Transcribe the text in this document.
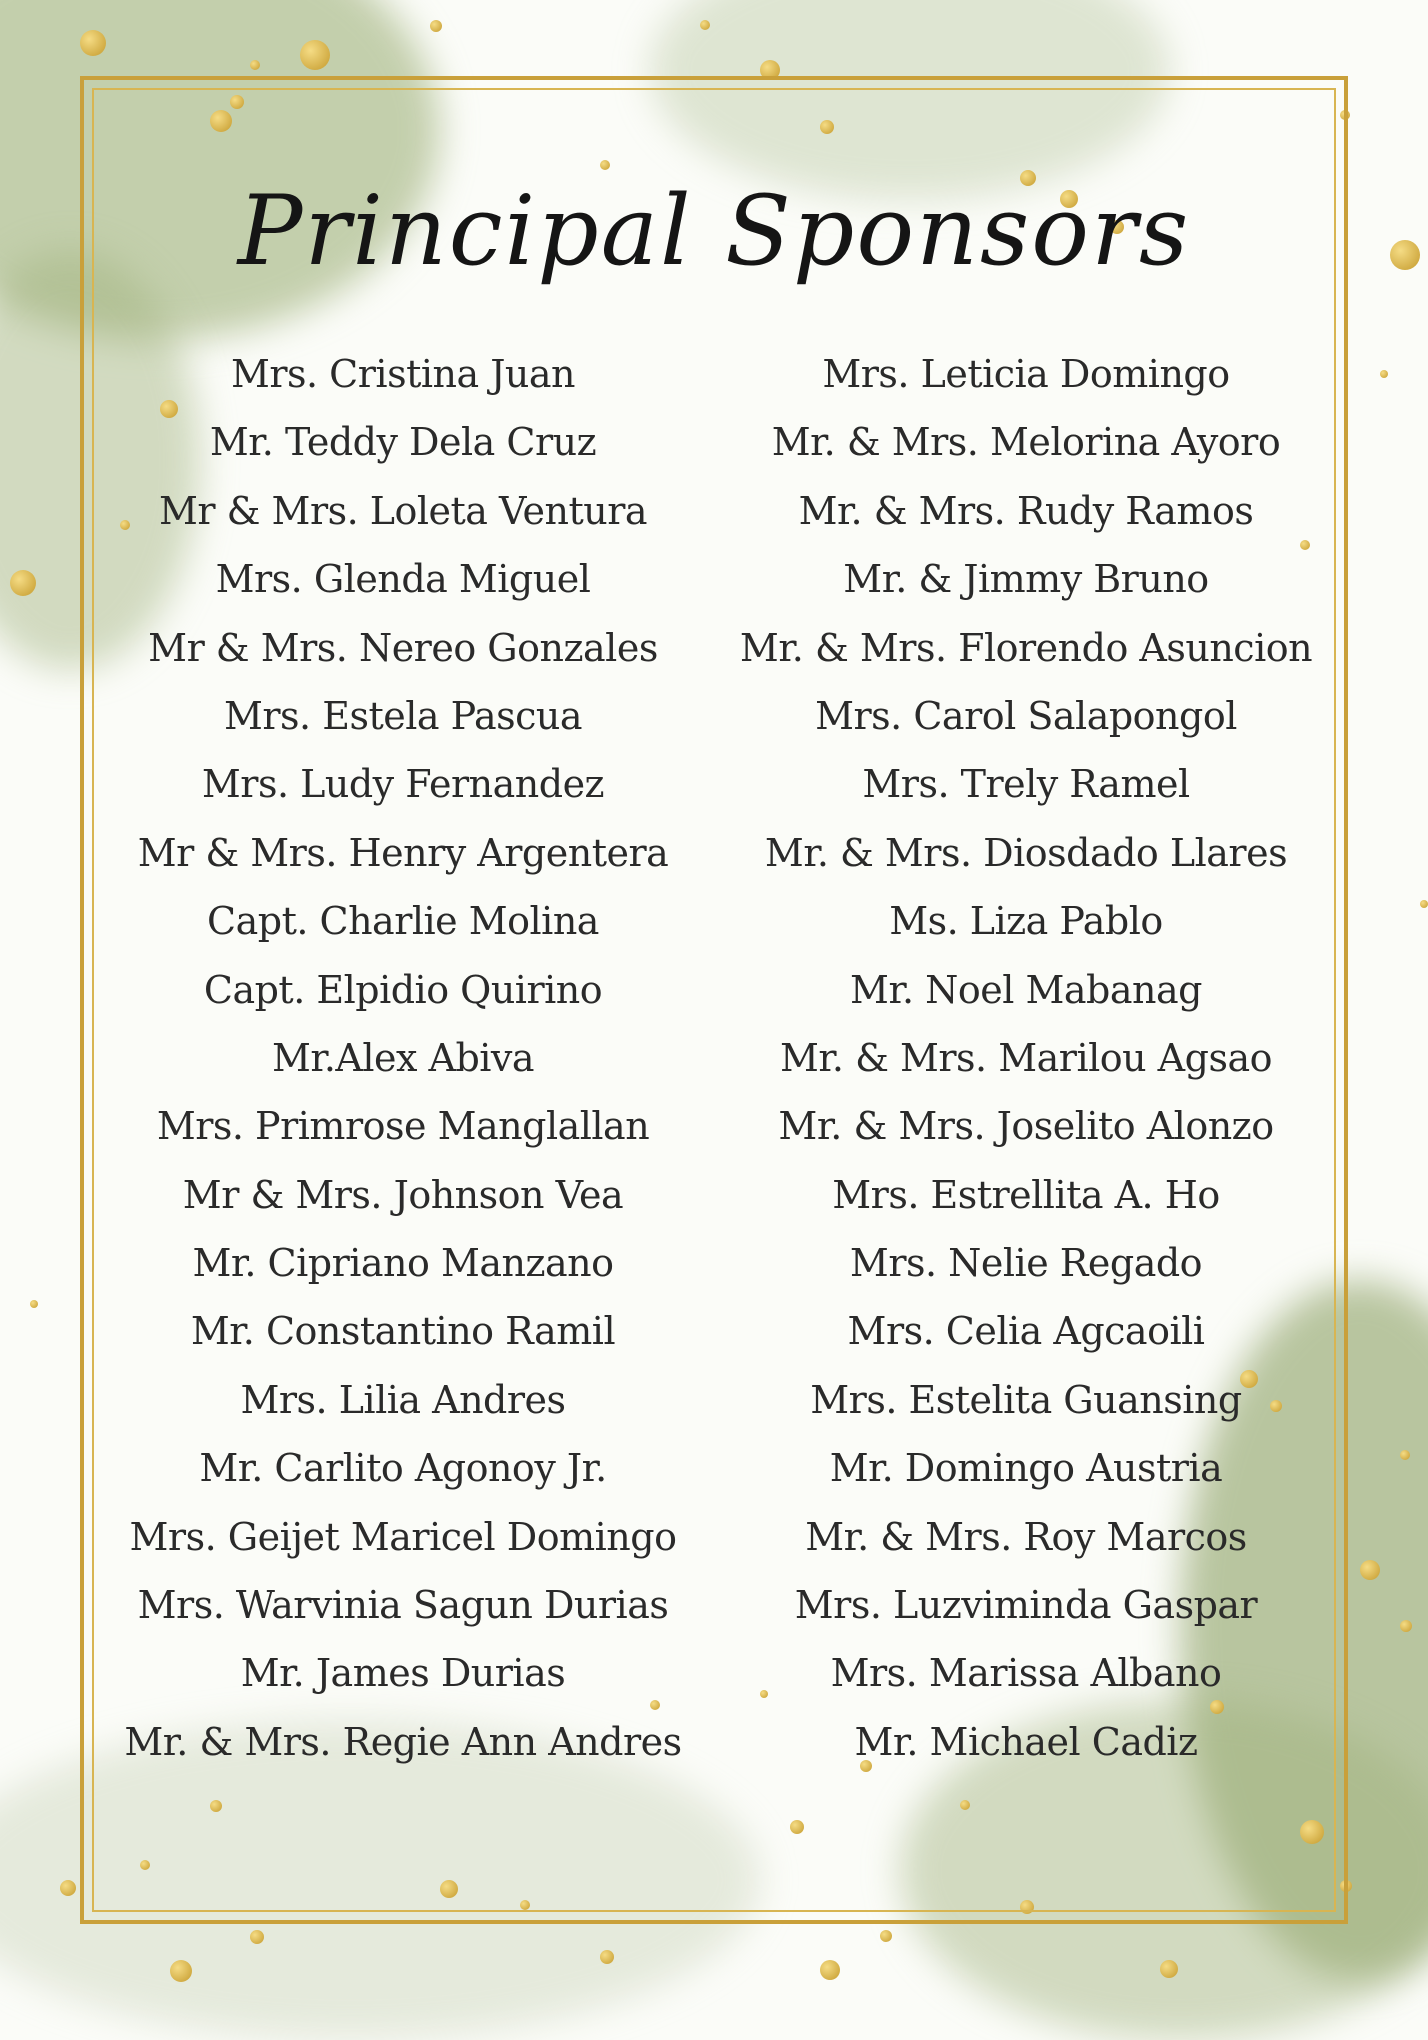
Principal Sponsors
Mrs. Cristina Juan
Mr. Teddy Dela Cruz
Mr & Mrs. Loleta Ventura
Mrs. Glenda Miguel
Mr & Mrs. Nereo Gonzales
Mrs. Estela Pascua
Mrs. Ludy Fernandez
Mr & Mrs. Henry Argentera
Capt. Charlie Molina
Capt. Elpidio Quirino
Mr.Alex Abiva
Mrs. Primrose Manglallan
Mr & Mrs. Johnson Vea
Mr. Cipriano Manzano
Mr. Constantino Ramil
Mrs. Lilia Andres
Mr. Carlito Agonoy Jr.
Mrs. Geijet Maricel Domingo
Mrs. Warvinia Sagun Durias
Mr. James Durias
Mr. & Mrs. Regie Ann Andres
Mrs. Leticia Domingo
Mr. & Mrs. Melorina Ayoro
Mr. & Mrs. Rudy Ramos
Mr. & Jimmy Bruno
Mr. & Mrs. Florendo Asuncion
Mrs. Carol Salapongol
Mrs. Trely Ramel
Mr. & Mrs. Diosdado Llares
Ms. Liza Pablo
Mr. Noel Mabanag
Mr. & Mrs. Marilou Agsao
Mr. & Mrs. Joselito Alonzo
Mrs. Estrellita A. Ho
Mrs. Nelie Regado
Mrs. Celia Agcaoili
Mrs. Estelita Guansing
Mr. Domingo Austria
Mr. & Mrs. Roy Marcos
Mrs. Luzviminda Gaspar
Mrs. Marissa Albano
Mr. Michael Cadiz
